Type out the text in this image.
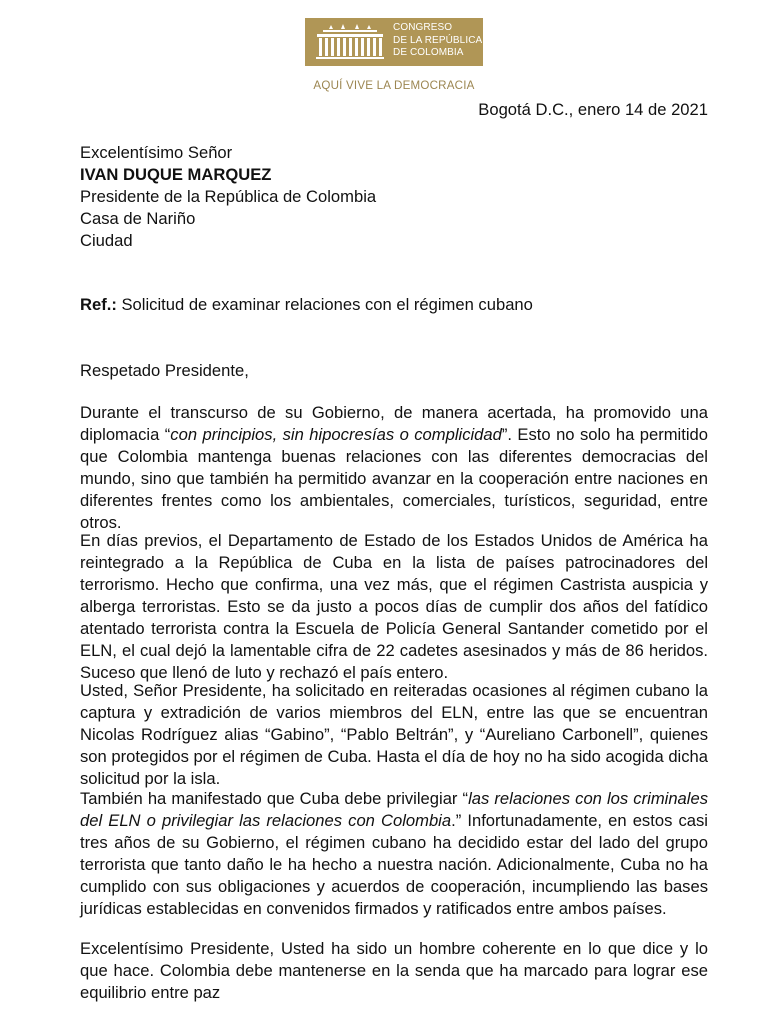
CONGRESO
DE LA REPÚBLICA
DE COLOMBIA
AQUÍ VIVE LA DEMOCRACIA
Bogotá D.C., enero 14 de 2021
Excelentísimo Señor
IVAN DUQUE MARQUEZ
Presidente de la República de Colombia
Casa de Nariño
Ciudad
Ref.: Solicitud de examinar relaciones con el régimen cubano
Respetado Presidente,
Durante el transcurso de su Gobierno, de manera acertada, ha promovido una diplomacia “con principios, sin hipocresías o complicidad”. Esto no solo ha permitido que Colombia mantenga buenas relaciones con las diferentes democracias del mundo, sino que también ha permitido avanzar en la cooperación entre naciones en diferentes frentes como los ambientales, comerciales, turísticos, seguridad, entre otros.
En días previos, el Departamento de Estado de los Estados Unidos de América ha reintegrado a la República de Cuba en la lista de países patrocinadores del terrorismo. Hecho que confirma, una vez más, que el régimen Castrista auspicia y alberga terroristas. Esto se da justo a pocos días de cumplir dos años del fatídico atentado terrorista contra la Escuela de Policía General Santander cometido por el ELN, el cual dejó la lamentable cifra de 22 cadetes asesinados y más de 86 heridos. Suceso que llenó de luto y rechazó el país entero.
Usted, Señor Presidente, ha solicitado en reiteradas ocasiones al régimen cubano la captura y extradición de varios miembros del ELN, entre las que se encuentran Nicolas Rodríguez alias “Gabino”, “Pablo Beltrán”, y “Aureliano Carbonell”, quienes son protegidos por el régimen de Cuba. Hasta el día de hoy no ha sido acogida dicha solicitud por la isla.
También ha manifestado que Cuba debe privilegiar “las relaciones con los criminales del ELN o privilegiar las relaciones con Colombia.” Infortunadamente, en estos casi tres años de su Gobierno, el régimen cubano ha decidido estar del lado del grupo terrorista que tanto daño le ha hecho a nuestra nación. Adicionalmente, Cuba no ha cumplido con sus obligaciones y acuerdos de cooperación, incumpliendo las bases jurídicas establecidas en convenidos firmados y ratificados entre ambos países.
Excelentísimo Presidente, Usted ha sido un hombre coherente en lo que dice y lo que hace. Colombia debe mantenerse en la senda que ha marcado para lograr ese equilibrio entre paz
